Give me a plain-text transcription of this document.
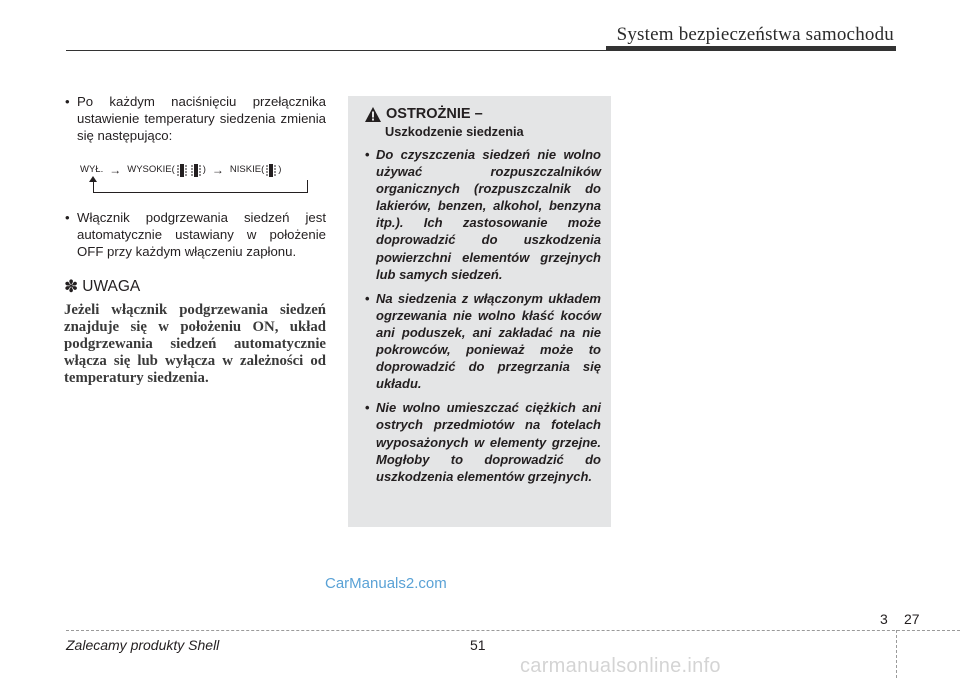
System bezpieczeństwa samochodu

• Po każdym naciśnięciu przełącznika ustawienie temperatury siedzenia zmienia się następująco:

WYŁ. → WYSOKIE(	) → NISKIE( )

• Włącznik podgrzewania siedzeń jest automatycznie ustawiany w położenie OFF przy każdym włączeniu zapłonu.

✽ UWAGA
Jeżeli włącznik podgrzewania siedzeń znajduje się w położeniu ON, układ podgrzewania siedzeń automatycznie włącza się lub wyłącza w zależności od temperatury siedzenia.
OSTROŻNIE –
Uszkodzenie siedzenia
• Do czyszczenia siedzeń nie wolno używać rozpuszczalników organicznych (rozpuszczalnik do lakierów, benzen, alkohol, benzyna itp.). Ich zastosowanie może doprowadzić do uszkodzenia powierzchni elementów grzejnych lub samych siedzeń.
• Na siedzenia z włączonym układem ogrzewania nie wolno kłaść koców ani poduszek, ani zakładać na nie pokrowców, ponieważ może to doprowadzić do przegrzania się układu.
• Nie wolno umieszczać ciężkich ani ostrych przedmiotów na fotelach wyposażonych w elementy grzejne. Mogłoby to doprowadzić do uszkodzenia elementów grzejnych.
CarManuals2.com
Zalecamy produkty Shell	51
3 27
carmanualsonline.info
